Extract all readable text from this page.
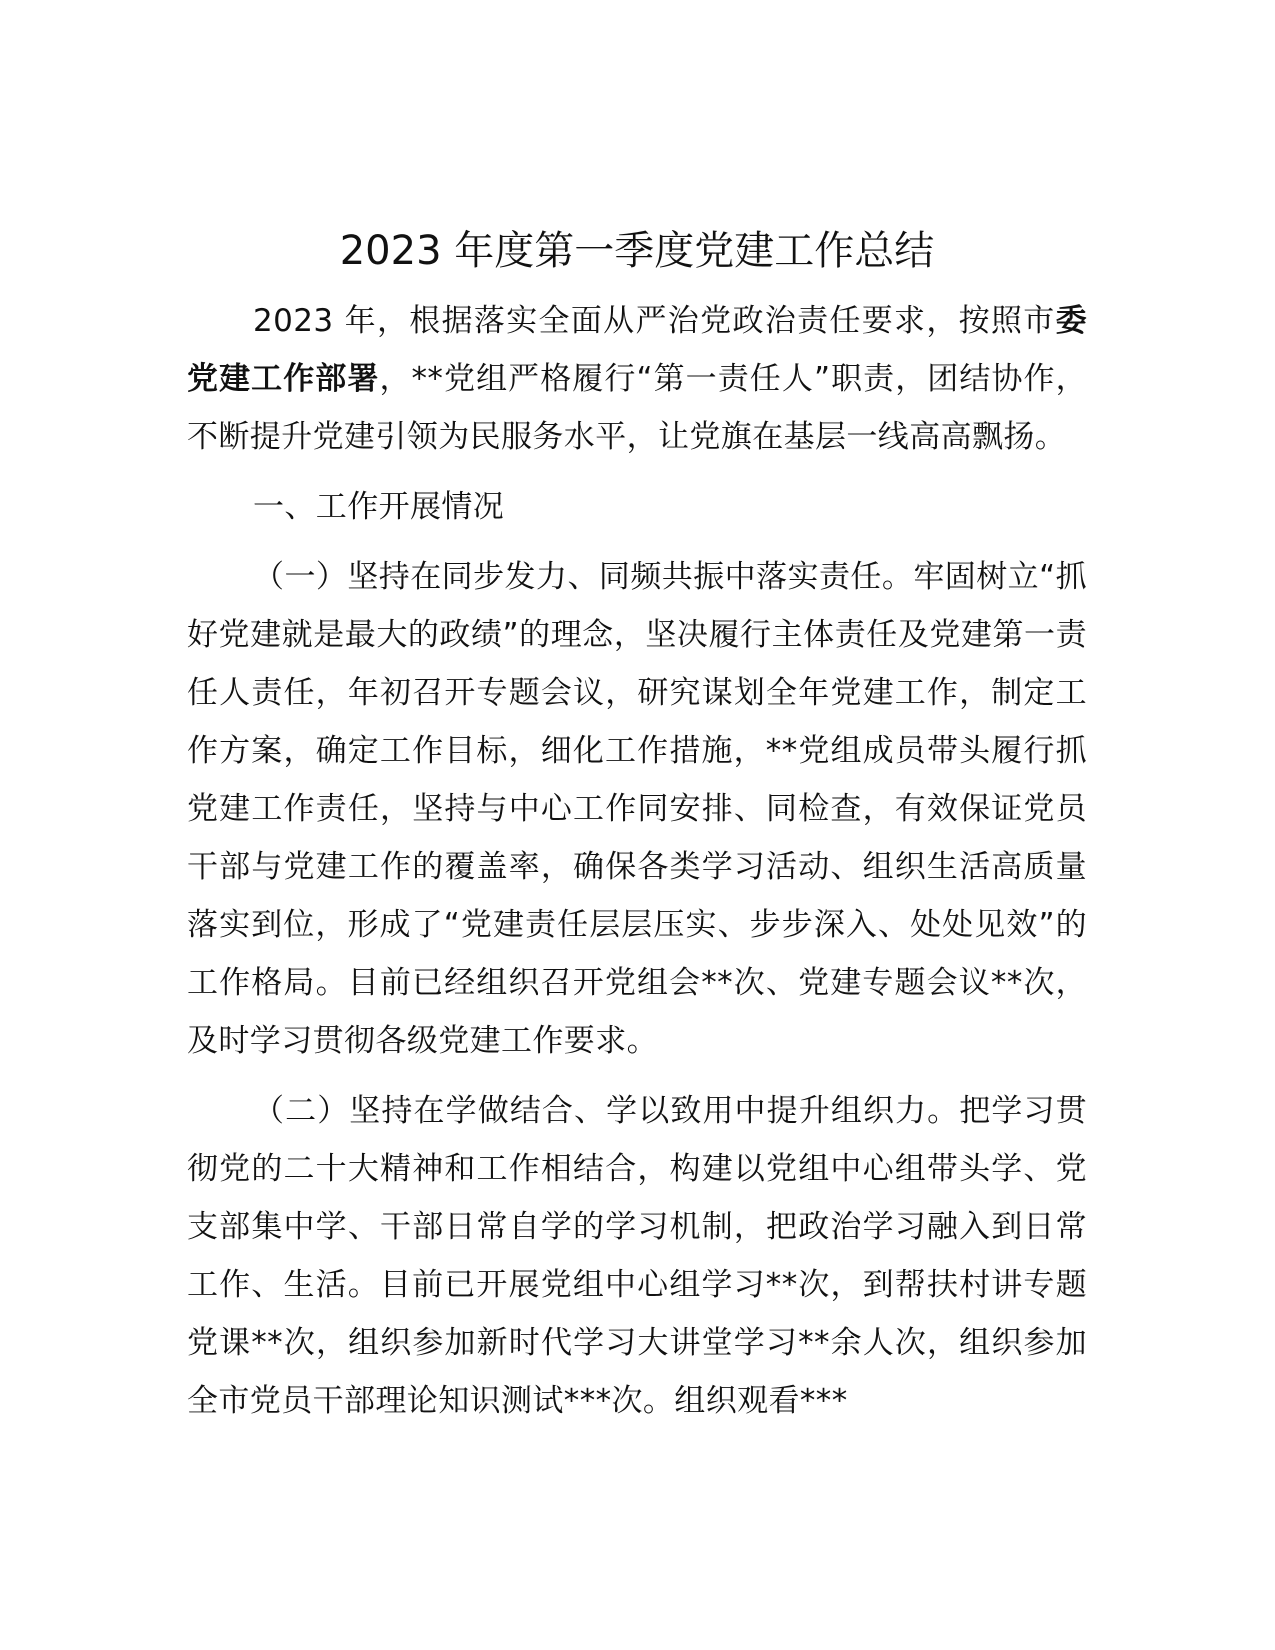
2023 年度第一季度党建工作总结

2023 年，根据落实全面从严治党政治责任要求，按照市委党建工作部署，**党组严格履行“第一责任人”职责，团结协作，不断提升党建引领为民服务水平，让党旗在基层一线高高飘扬。

一、工作开展情况

（一）坚持在同步发力、同频共振中落实责任。牢固树立“抓好党建就是最大的政绩”的理念，坚决履行主体责任及党建第一责任人责任，年初召开专题会议，研究谋划全年党建工作，制定工作方案，确定工作目标，细化工作措施，**党组成员带头履行抓党建工作责任，坚持与中心工作同安排、同检查，有效保证党员干部与党建工作的覆盖率，确保各类学习活动、组织生活高质量落实到位，形成了“党建责任层层压实、步步深入、处处见效”的工作格局。目前已经组织召开党组会**次、党建专题会议**次，及时学习贯彻各级党建工作要求。

（二）坚持在学做结合、学以致用中提升组织力。把学习贯彻党的二十大精神和工作相结合，构建以党组中心组带头学、党支部集中学、干部日常自学的学习机制，把政治学习融入到日常工作、生活。目前已开展党组中心组学习**次，到帮扶村讲专题党课**次，组织参加新时代学习大讲堂学习**余人次，组织参加全市党员干部理论知识测试***次。组织观看***
